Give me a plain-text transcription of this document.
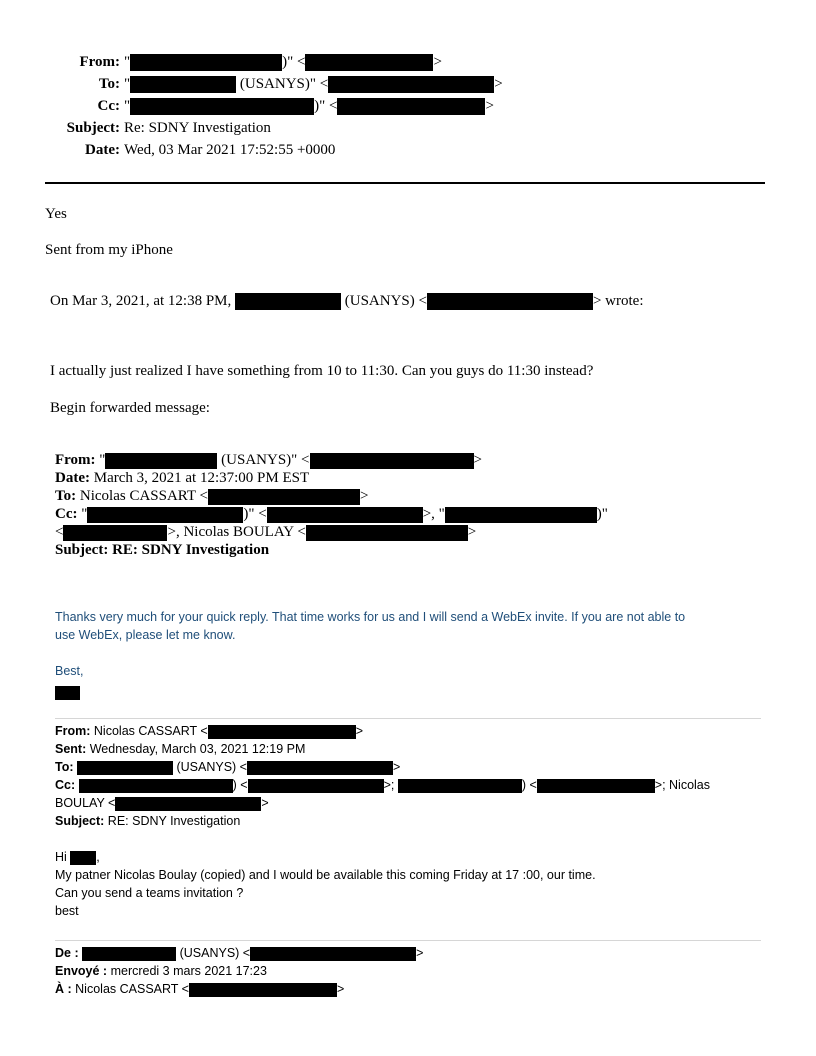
From: "	)" <	>
To: "	(USANYS)" <	>
Cc: "	)" <	>
Subject: Re: SDNY Investigation
Date: Wed, 03 Mar 2021 17:52:55 +0000
Yes
Sent from my iPhone
On Mar 3, 2021, at 12:38 PM,	(USANYS) <	> wrote:
I actually just realized I have something from 10 to 11:30. Can you guys do 11:30 instead?
Begin forwarded message:
From: "	(USANYS)" <	>
Date: March 3, 2021 at 12:37:00 PM EST
To: Nicolas CASSART <	>
Cc: "	)" <	>, "	)"
<	>, Nicolas BOULAY <	>
Subject: RE: SDNY Investigation
Thanks very much for your quick reply. That time works for us and I will send a WebEx invite. If you are not able to
use WebEx, please let me know.
Best,
From: Nicolas CASSART <	>
Sent: Wednesday, March 03, 2021 12:19 PM
To:	(USANYS) <	>
Cc:	) <	>;	) <	>; Nicolas
BOULAY <	>
Subject: RE: SDNY Investigation
Hi ,
My patner Nicolas Boulay (copied) and I would be available this coming Friday at 17 :00, our time.
Can you send a teams invitation ?
best
De :	(USANYS) <	>
Envoyé : mercredi 3 mars 2021 17:23
À : Nicolas CASSART <	>
